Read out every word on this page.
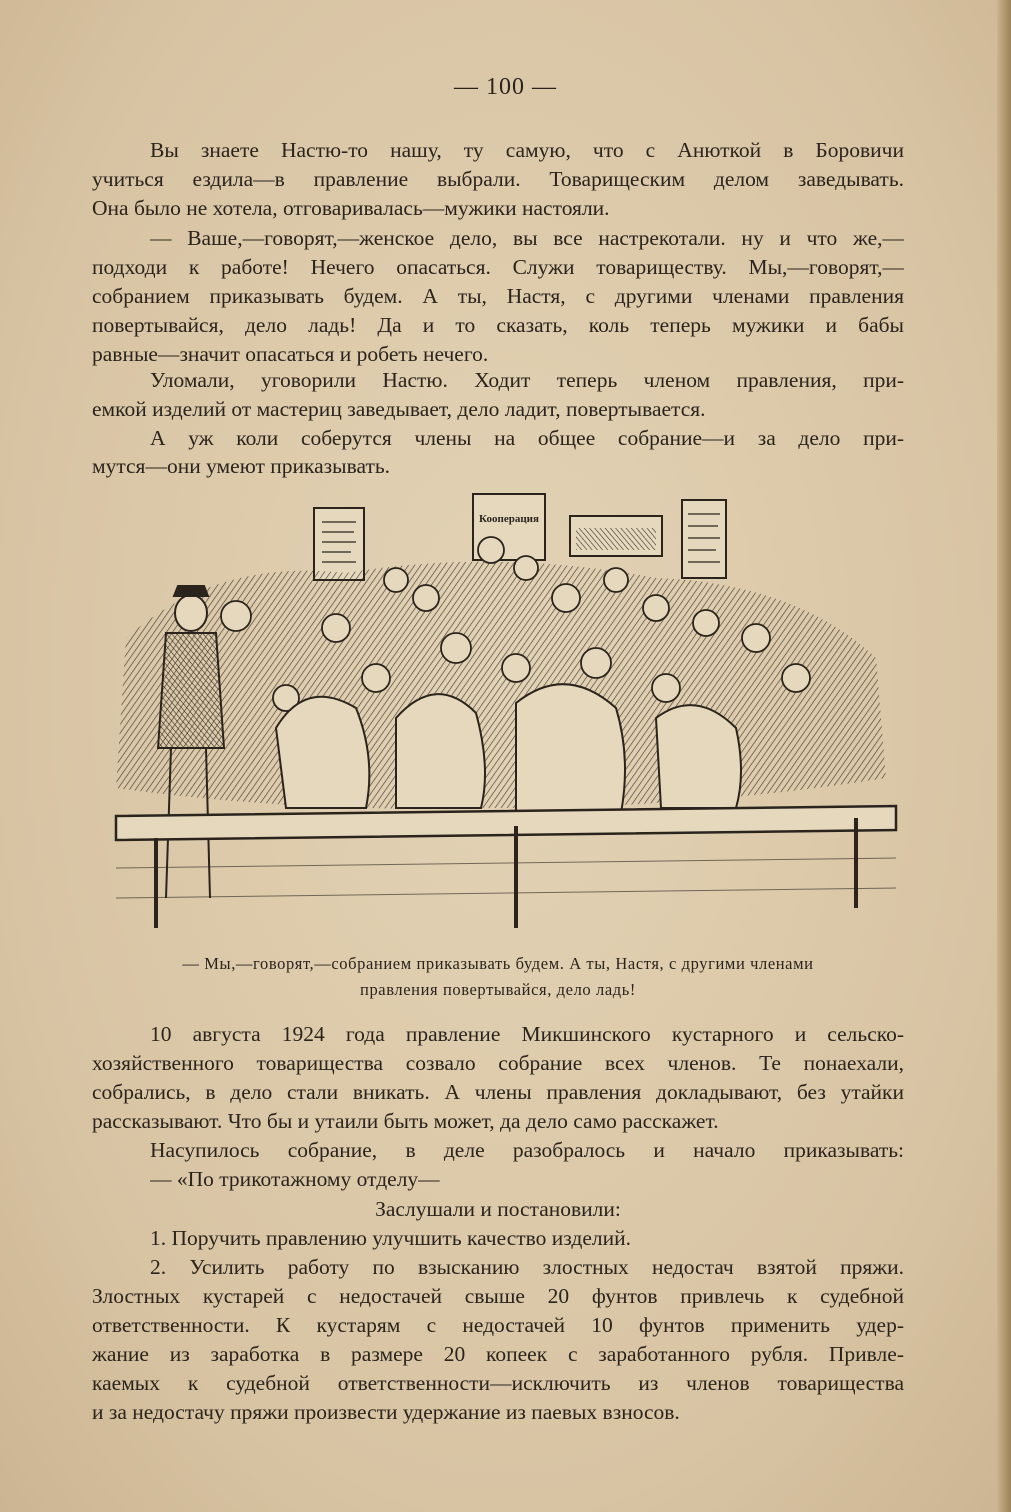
— 100 —
Вы знаете Настю-то нашу, ту самую, что с Анюткой в Боровичи
учиться ездила—в правление выбрали. Товарищеским делом заведывать.
Она было не хотела, отговаривалась—мужики настояли.
— Ваше,—говорят,—женское дело, вы все настрекотали. ну и что же,—
подходи к работе! Нечего опасаться. Служи товариществу. Мы,—говорят,—
собранием приказывать будем. А ты, Настя, с другими членами правления
повертывайся, дело ладь! Да и то сказать, коль теперь мужики и бабы
равные—значит опасаться и робеть нечего.
Уломали, уговорили Настю. Ходит теперь членом правления, при-
емкой изделий от мастериц заведывает, дело ладит, повертывается.
А уж коли соберутся члены на общее собрание—и за дело при-
мутся—они умеют приказывать.
Кооперация
— Мы,—говорят,—собранием приказывать будем. А ты, Настя, с другими членами
правления повертывайся, дело ладь!
10 августа 1924 года правление Микшинского кустарного и сельско-
хозяйственного товарищества созвало собрание всех членов. Те понаехали,
собрались, в дело стали вникать. А члены правления докладывают, без утайки
рассказывают. Что бы и утаили быть может, да дело само расскажет.
Насупилось собрание, в деле разобралось и начало приказывать:
— «По трикотажному отделу—
Заслушали и постановили:
1. Поручить правлению улучшить качество изделий.
2. Усилить работу по взысканию злостных недостач взятой пряжи.
Злостных кустарей с недостачей свыше 20 фунтов привлечь к судебной
ответственности. К кустарям с недостачей 10 фунтов применить удер-
жание из заработка в размере 20 копеек с заработанного рубля. Привле-
каемых к судебной ответственности—исключить из членов товарищества
и за недостачу пряжи произвести удержание из паевых взносов.
